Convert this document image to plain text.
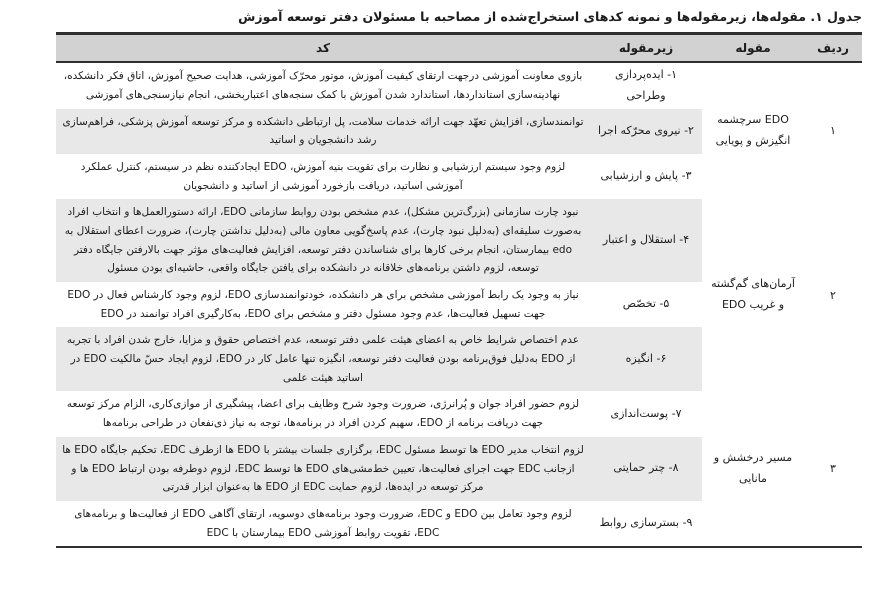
جدول ۱. مقوله‌ها، زیرمقوله‌ها و نمونه کدهای استخراج‌شده از مصاحبه با مسئولان دفتر توسعه آموزش
ردیف	مقوله	زیرمقوله	کد
۱	EDO سرچشمه انگیزش و پویایی	۱- ایده‌پردازی وطراحی	بازوی معاونت آموزشی درجهت ارتقای کیفیت آموزش، موتور محرّک آموزشی، هدایت صحیح آموزش، اتاق فکر دانشکده، نهادینه‌سازی استانداردها، استاندارد شدن آموزش با کمک سنجه‌های اعتباربخشی، انجام نیازسنجی‌های آموزشی
		۲- نیروی محرّکه اجرا	توانمندسازی، افزایش تعهّد جهت ارائه خدمات سلامت، پل ارتباطی دانشکده و مرکز توسعه آموزش پزشکی، فراهم‌سازی رشد دانشجویان و اساتید
		۳- پایش و ارزشیابی	لزوم وجود سیستم ارزشیابی و نظارت برای تقویت بنیه آموزش، EDO ایجادکننده نظم در سیستم، کنترل عملکرد آموزشی اساتید، دریافت بازخورد آموزشی از اساتید و دانشجویان
۲	آرمان‌های گم‌گشته و غریب EDO	۴- استقلال و اعتبار	نبود چارت سازمانی (بزرگ‌ترین مشکل)، عدم مشخص بودن روابط سازمانی EDO، ارائه دستورالعمل‌ها و انتخاب افراد به‌صورت سلیقه‌ای (به‌دلیل نبود چارت)، عدم پاسخ‌گویی معاون مالی (به‌دلیل نداشتن چارت)، ضرورت اعطای استقلال به edo بیمارستان، انجام برخی کارها برای شناساندن دفتر توسعه، افزایش فعالیت‌های مؤثر جهت بالارفتن جایگاه دفتر توسعه، لزوم داشتن برنامه‌های خلاقانه در دانشکده برای یافتن جایگاه واقعی، حاشیه‌ای بودن مسئول
		۵- تخصّص	نیاز به وجود یک رابط آموزشی مشخص برای هر دانشکده، خودتوانمندسازی EDO، لزوم وجود کارشناس فعال در EDO جهت تسهیل فعالیت‌ها، عدم وجود مسئول دفتر و مشخص برای EDO، به‌کارگیری افراد توانمند در EDO
		۶- انگیزه	عدم اختصاص شرایط خاص به اعضای هیئت علمی دفتر توسعه، عدم اختصاص حقوق و مزایا، خارج شدن افراد با تجربه از EDO به‌دلیل فوق‌برنامه بودن فعالیت دفتر توسعه، انگیزه تنها عامل کار در EDO، لزوم ایجاد حسّ مالکیت EDO در اساتید هیئت علمی
۳	مسیر درخشش و مانایی	۷- پوست‌اندازی	لزوم حضور افراد جوان و پُرانرژی، ضرورت وجود شرح وظایف برای اعضا، پیشگیری از موازی‌کاری، الزام مرکز توسعه جهت دریافت برنامه از EDO، سهیم کردن افراد در برنامه‌ها، توجه به نیاز ذی‌نفعان در طراحی برنامه‌ها
		۸- چتر حمایتی	لزوم انتخاب مدیر EDO ها توسط مسئول EDC، برگزاری جلسات بیشتر با EDO ها ازطرف EDC، تحکیم جایگاه EDO ها ازجانب EDC جهت اجرای فعالیت‌ها، تعیین خط‌مشی‌های EDO ها توسط EDC، لزوم دوطرفه بودن ارتباط EDO ها و مرکز توسعه در ایده‌ها، لزوم حمایت EDC از EDO ها به‌عنوان ابزار قدرتی
		۹- بسترسازی روابط	لزوم وجود تعامل بین EDO و EDC، ضرورت وجود برنامه‌های دوسویه، ارتقای آگاهی EDO از فعالیت‌ها و برنامه‌های EDC، تقویت روابط آموزشی EDO بیمارستان با EDC
